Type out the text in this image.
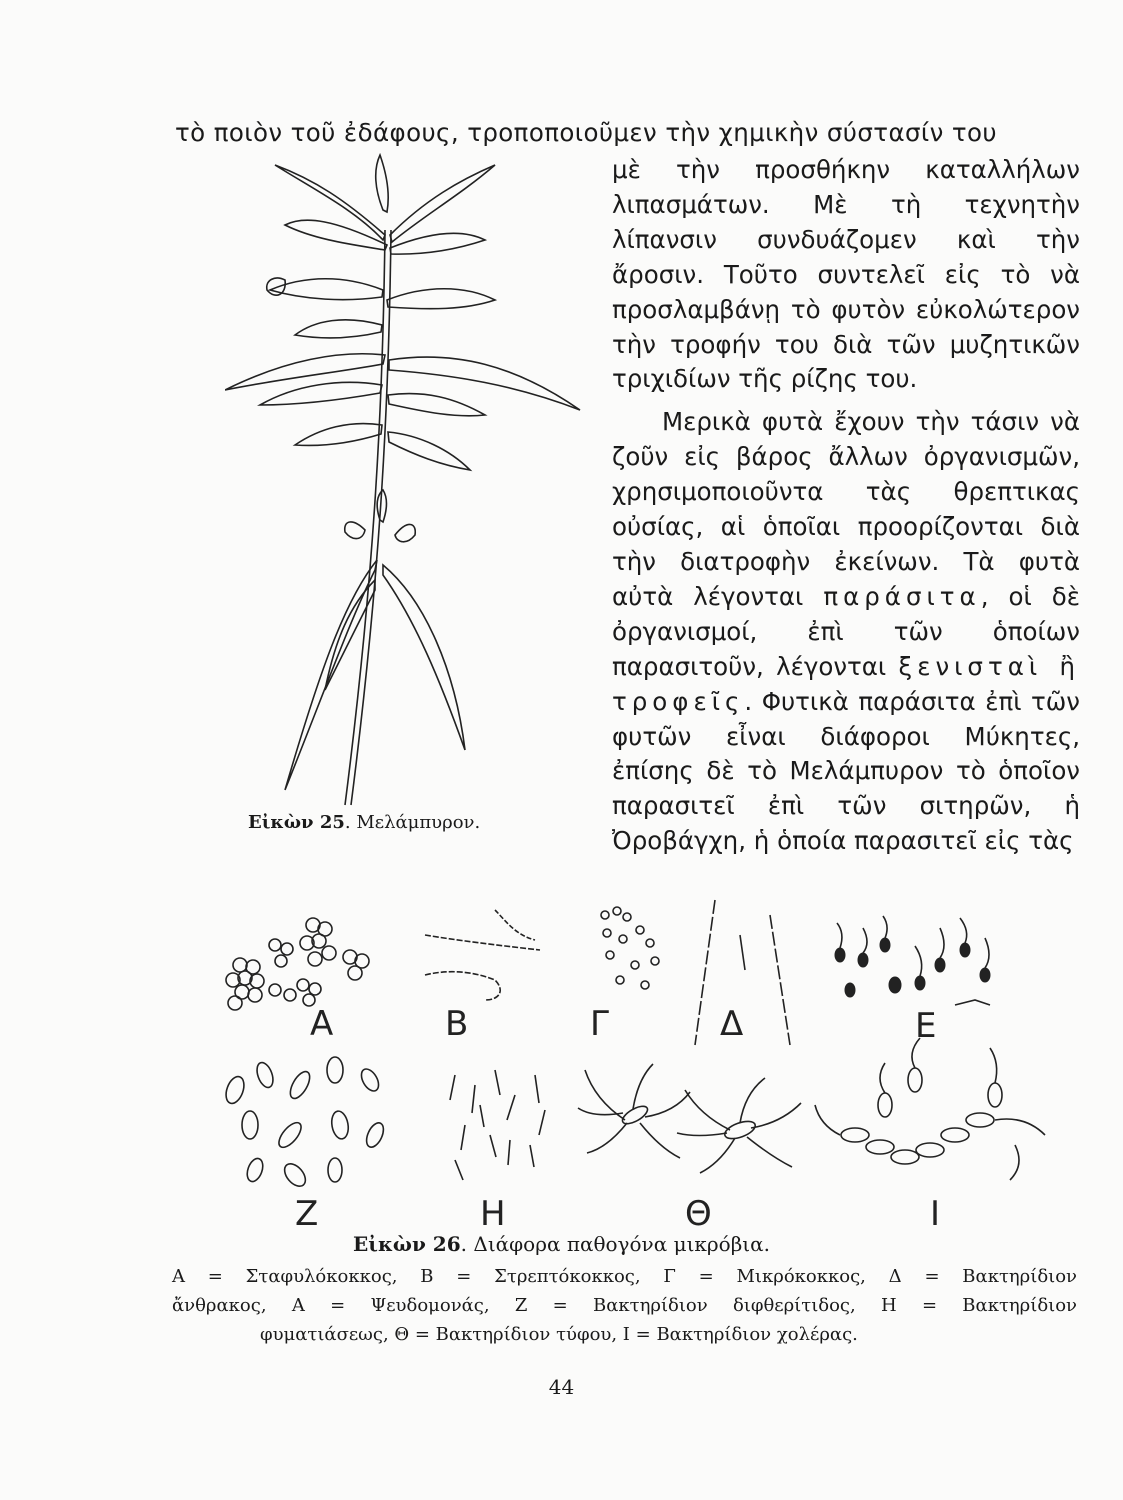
τὸ ποιὸν τοῦ ἐδάφους, τροποποιοῦμεν τὴν χημικὴν σύστασίν του
Εἰκὼν 25. Μελάμπυρον.

μὲ τὴν προσθήκην καταλλήλων λιπασμάτων. Μὲ τὴ τεχνητὴν λίπανσιν συνδυάζομεν καὶ τὴν ἄροσιν. Τοῦτο συντελεῖ εἰς τὸ νὰ προσλαμβάνῃ τὸ φυτὸν εὐκολώτερον τὴν τροφήν του διὰ τῶν μυζητικῶν τριχιδίων τῆς ρίζης του.

Μερικὰ φυτὰ ἔχουν τὴν τάσιν νὰ ζοῦν εἰς βάρος ἄλλων ὀργανισμῶν, χρησιμοποιοῦντα τὰς θρεπτικας οὐσίας, αἱ ὁποῖαι προορίζονται διὰ τὴν διατροφὴν ἐκείνων. Τὰ φυτὰ αὐτὰ λέγονται παράσιτα, οἱ δὲ ὀργανισμοί, ἐπὶ τῶν ὁποίων παρασιτοῦν, λέγονται ξενισταὶ ἢ τροφεῖς. Φυτικὰ παράσιτα ἐπὶ τῶν φυτῶν εἶναι διάφοροι Μύκητες, ἐπίσης δὲ τὸ Μελάμπυρον τὸ ὁποῖον παρασιτεῖ ἐπὶ τῶν σιτηρῶν, ἡ Ὀροβάγχη, ἡ ὁποία παρασιτεῖ εἰς τὰς

Α	Β	Γ	Δ	Ε
Ζ	Η	Θ	Ι
Εἰκὼν 26. Διάφορα παθογόνα μικρόβια.
Α = Σταφυλόκοκκος, Β = Στρεπτόκοκκος, Γ = Μικρόκοκκος, Δ = Βακτηρίδιον
ἄνθρακος, Α = Ψευδομονάς, Ζ = Βακτηρίδιον διφθερίτιδος, Η = Βακτηρίδιον
φυματιάσεως, Θ = Βακτηρίδιον τύφου, Ι = Βακτηρίδιον χολέρας.
44
